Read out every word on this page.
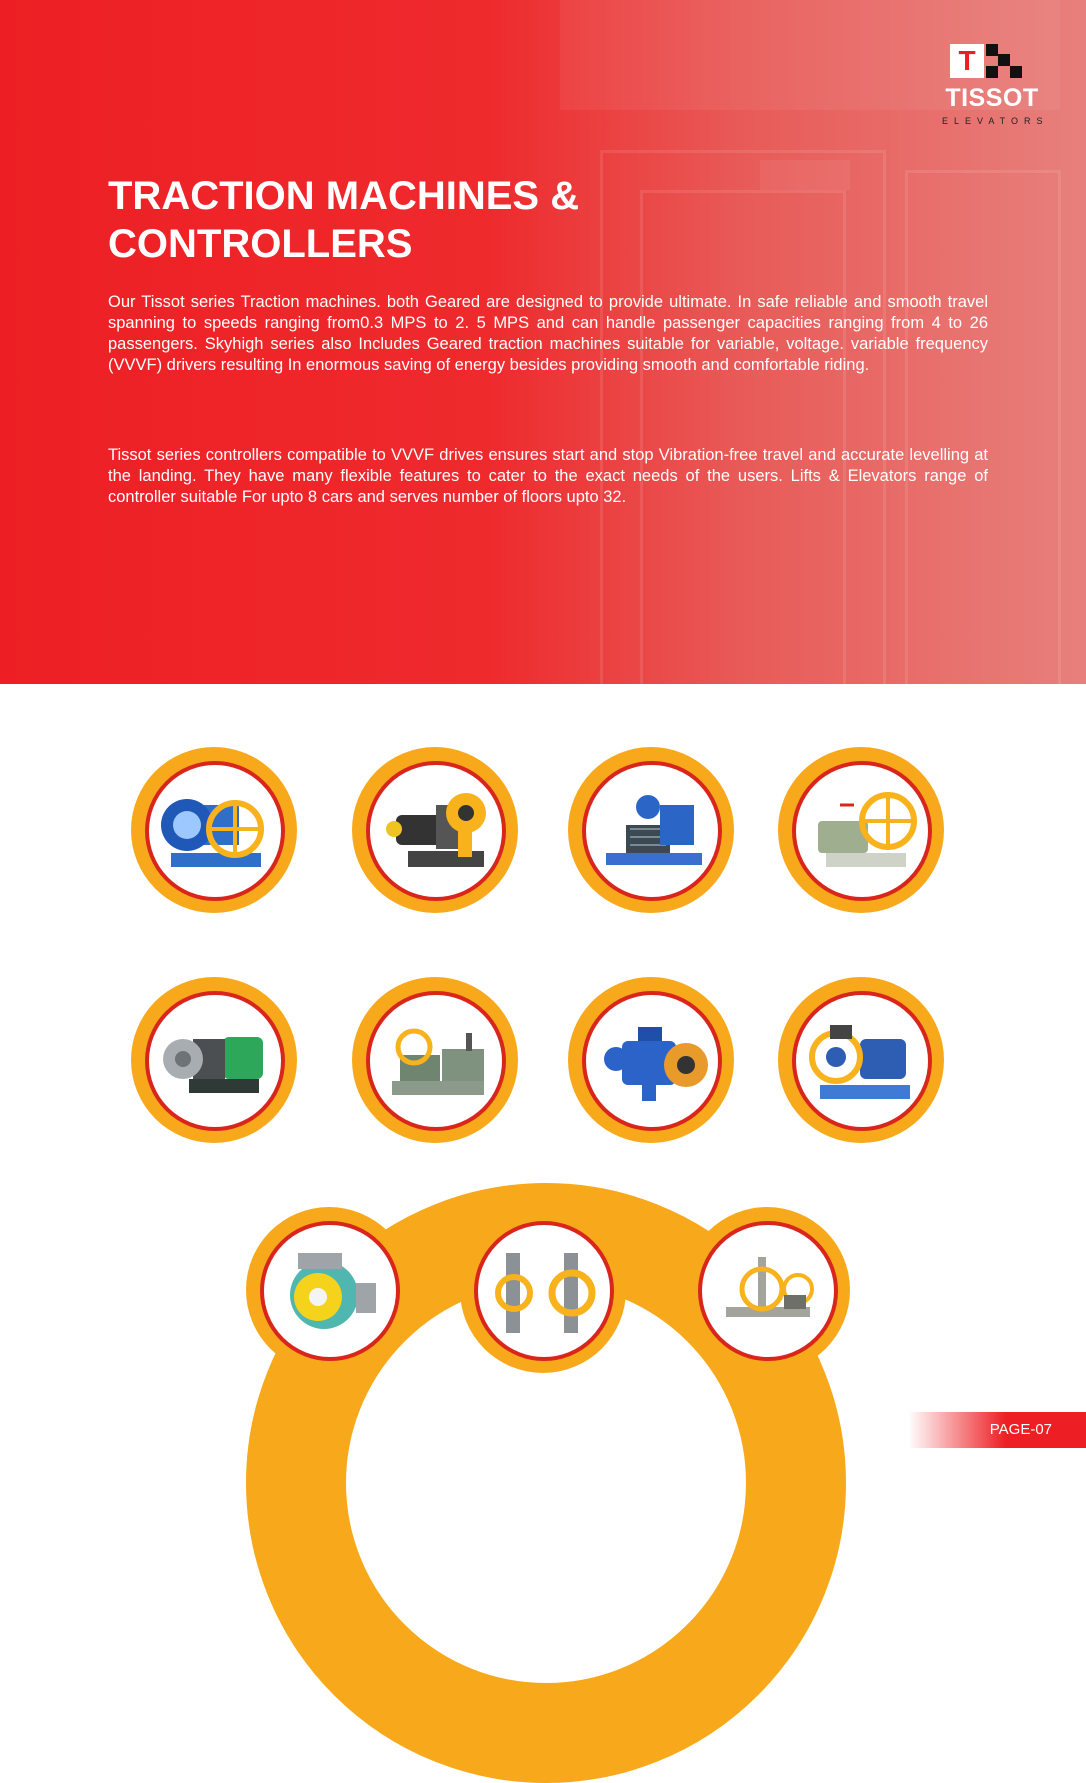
T
TISSOT
ELEVATORS
TRACTION MACHINES &
CONTROLLERS

Our Tissot series Traction machines. both Geared are designed to provide ultimate. In safe reliable and smooth travel spanning to speeds ranging from0.3 MPS to 2. 5 MPS and can handle passenger capacities ranging from 4 to 26 passengers. Skyhigh series also Includes Geared traction machines suitable for variable, voltage. variable frequency (VVVF) drivers resulting In enormous saving of energy besides providing smooth and comfortable riding.

Tissot series controllers compatible to VVVF drives ensures start and stop Vibration-free travel and accurate levelling at the landing. They have many flexible features to cater to the exact needs of the users. Lifts & Elevators range of controller suitable For upto 8 cars and serves number of floors upto 32.

PAGE-07
